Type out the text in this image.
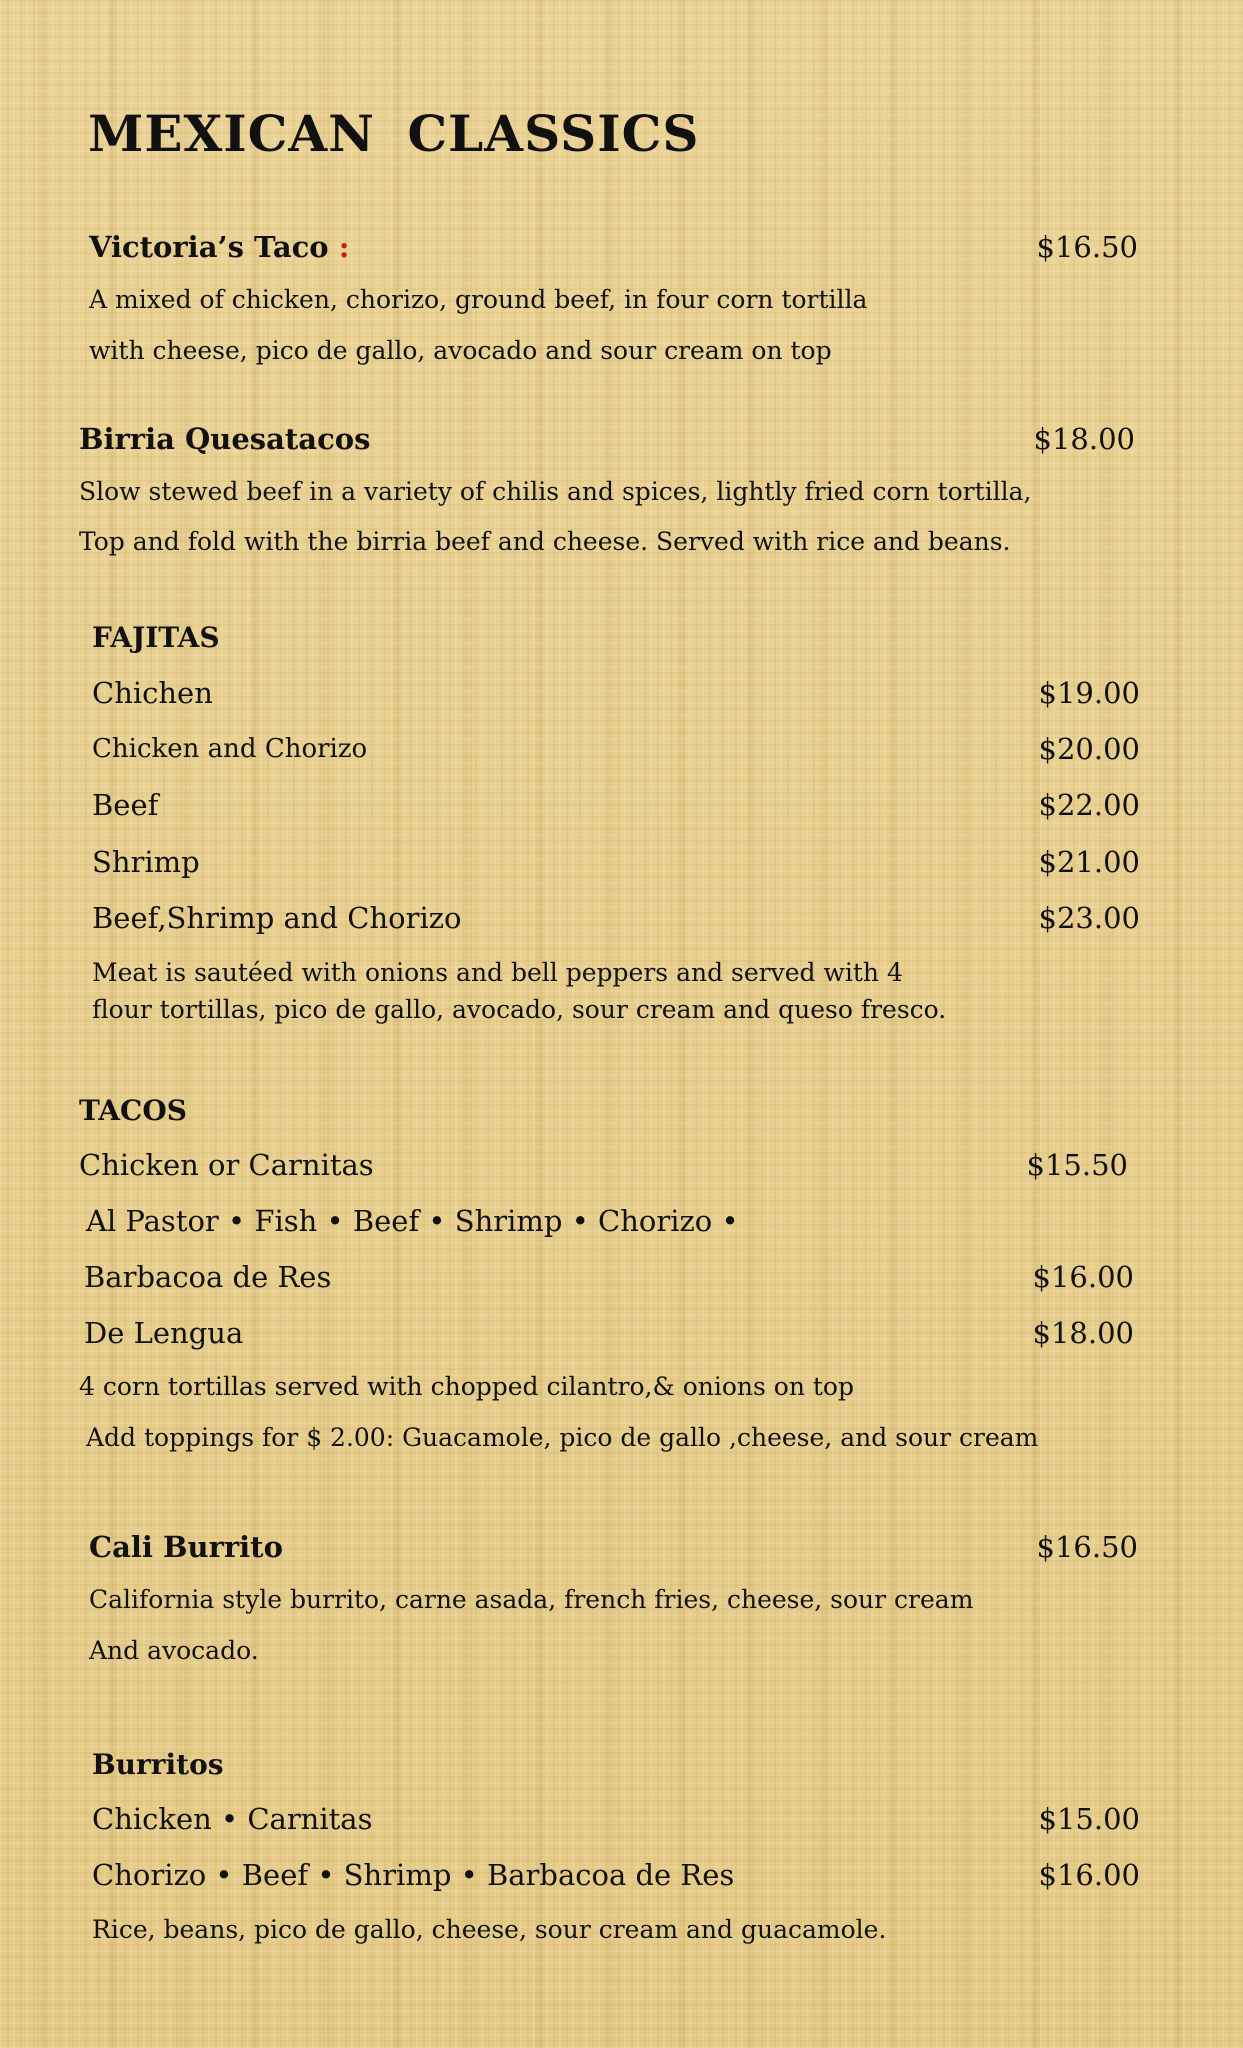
MEXICAN CLASSICS
Victoria’s Taco :	$16.50
A mixed of chicken, chorizo, ground beef, in four corn tortilla
with cheese, pico de gallo, avocado and sour cream on top
Birria Quesatacos	$18.00
Slow stewed beef in a variety of chilis and spices, lightly fried corn tortilla,
Top and fold with the birria beef and cheese. Served with rice and beans.
FAJITAS
Chichen	$19.00
Chicken and Chorizo	$20.00
Beef	$22.00
Shrimp	$21.00
Beef,Shrimp and Chorizo	$23.00
Meat is sautéed with onions and bell peppers and served with 4
flour tortillas, pico de gallo, avocado, sour cream and queso fresco.
TACOS
Chicken or Carnitas	$15.50
Al Pastor • Fish • Beef • Shrimp • Chorizo •
Barbacoa de Res	$16.00
De Lengua	$18.00
4 corn tortillas served with chopped cilantro,& onions on top
Add toppings for $ 2.00: Guacamole, pico de gallo ,cheese, and sour cream
Cali Burrito	$16.50
California style burrito, carne asada, french fries, cheese, sour cream
And avocado.
Burritos
Chicken • Carnitas	$15.00
Chorizo • Beef • Shrimp • Barbacoa de Res	$16.00
Rice, beans, pico de gallo, cheese, sour cream and guacamole.
